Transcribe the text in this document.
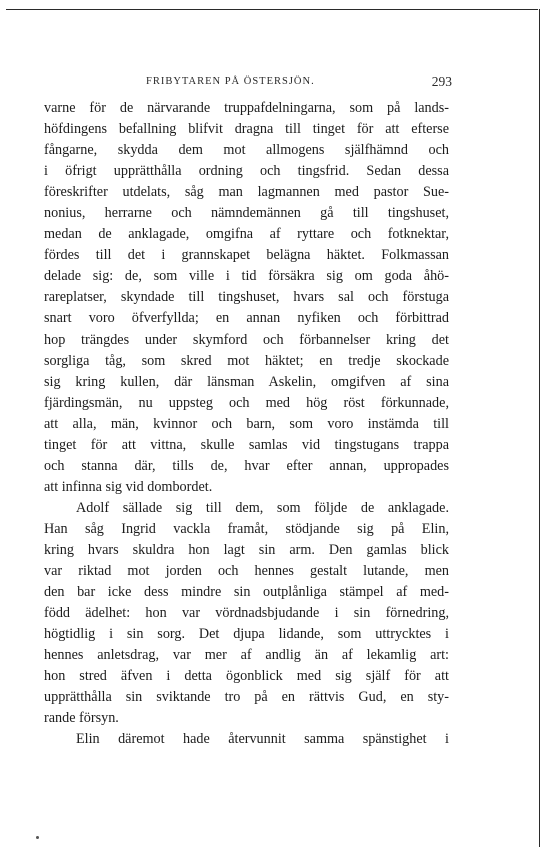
FRIBYTAREN PÅ ÖSTERSJÖN.	293
varne för de närvarande truppafdelningarna, som på lands-
höfdingens befallning blifvit dragna till tinget för att efterse
fångarne, skydda dem mot allmogens själfhämnd och
i öfrigt upprätthålla ordning och tingsfrid. Sedan dessa
föreskrifter utdelats, såg man lagmannen med pastor Sue-
nonius, herrarne och nämndemännen gå till tingshuset,
medan de anklagade, omgifna af ryttare och fotknektar,
fördes till det i grannskapet belägna häktet. Folkmassan
delade sig: de, som ville i tid försäkra sig om goda åhö-
rareplatser, skyndade till tingshuset, hvars sal och förstuga
snart voro öfverfyllda; en annan nyfiken och förbittrad
hop trängdes under skymford och förbannelser kring det
sorgliga tåg, som skred mot häktet; en tredje skockade
sig kring kullen, där länsman Askelin, omgifven af sina
fjärdingsmän, nu uppsteg och med hög röst förkunnade,
att alla, män, kvinnor och barn, som voro instämda till
tinget för att vittna, skulle samlas vid tingstugans trappa
och stanna där, tills de, hvar efter annan, uppropades
att infinna sig vid dombordet.
Adolf sällade sig till dem, som följde de anklagade.
Han såg Ingrid vackla framåt, stödjande sig på Elin,
kring hvars skuldra hon lagt sin arm. Den gamlas blick
var riktad mot jorden och hennes gestalt lutande, men
den bar icke dess mindre sin outplånliga stämpel af med-
född ädelhet: hon var vördnadsbjudande i sin förnedring,
högtidlig i sin sorg. Det djupa lidande, som uttrycktes i
hennes anletsdrag, var mer af andlig än af lekamlig art:
hon stred äfven i detta ögonblick med sig själf för att
upprätthålla sin sviktande tro på en rättvis Gud, en sty-
rande försyn.
Elin däremot hade återvunnit samma spänstighet i
